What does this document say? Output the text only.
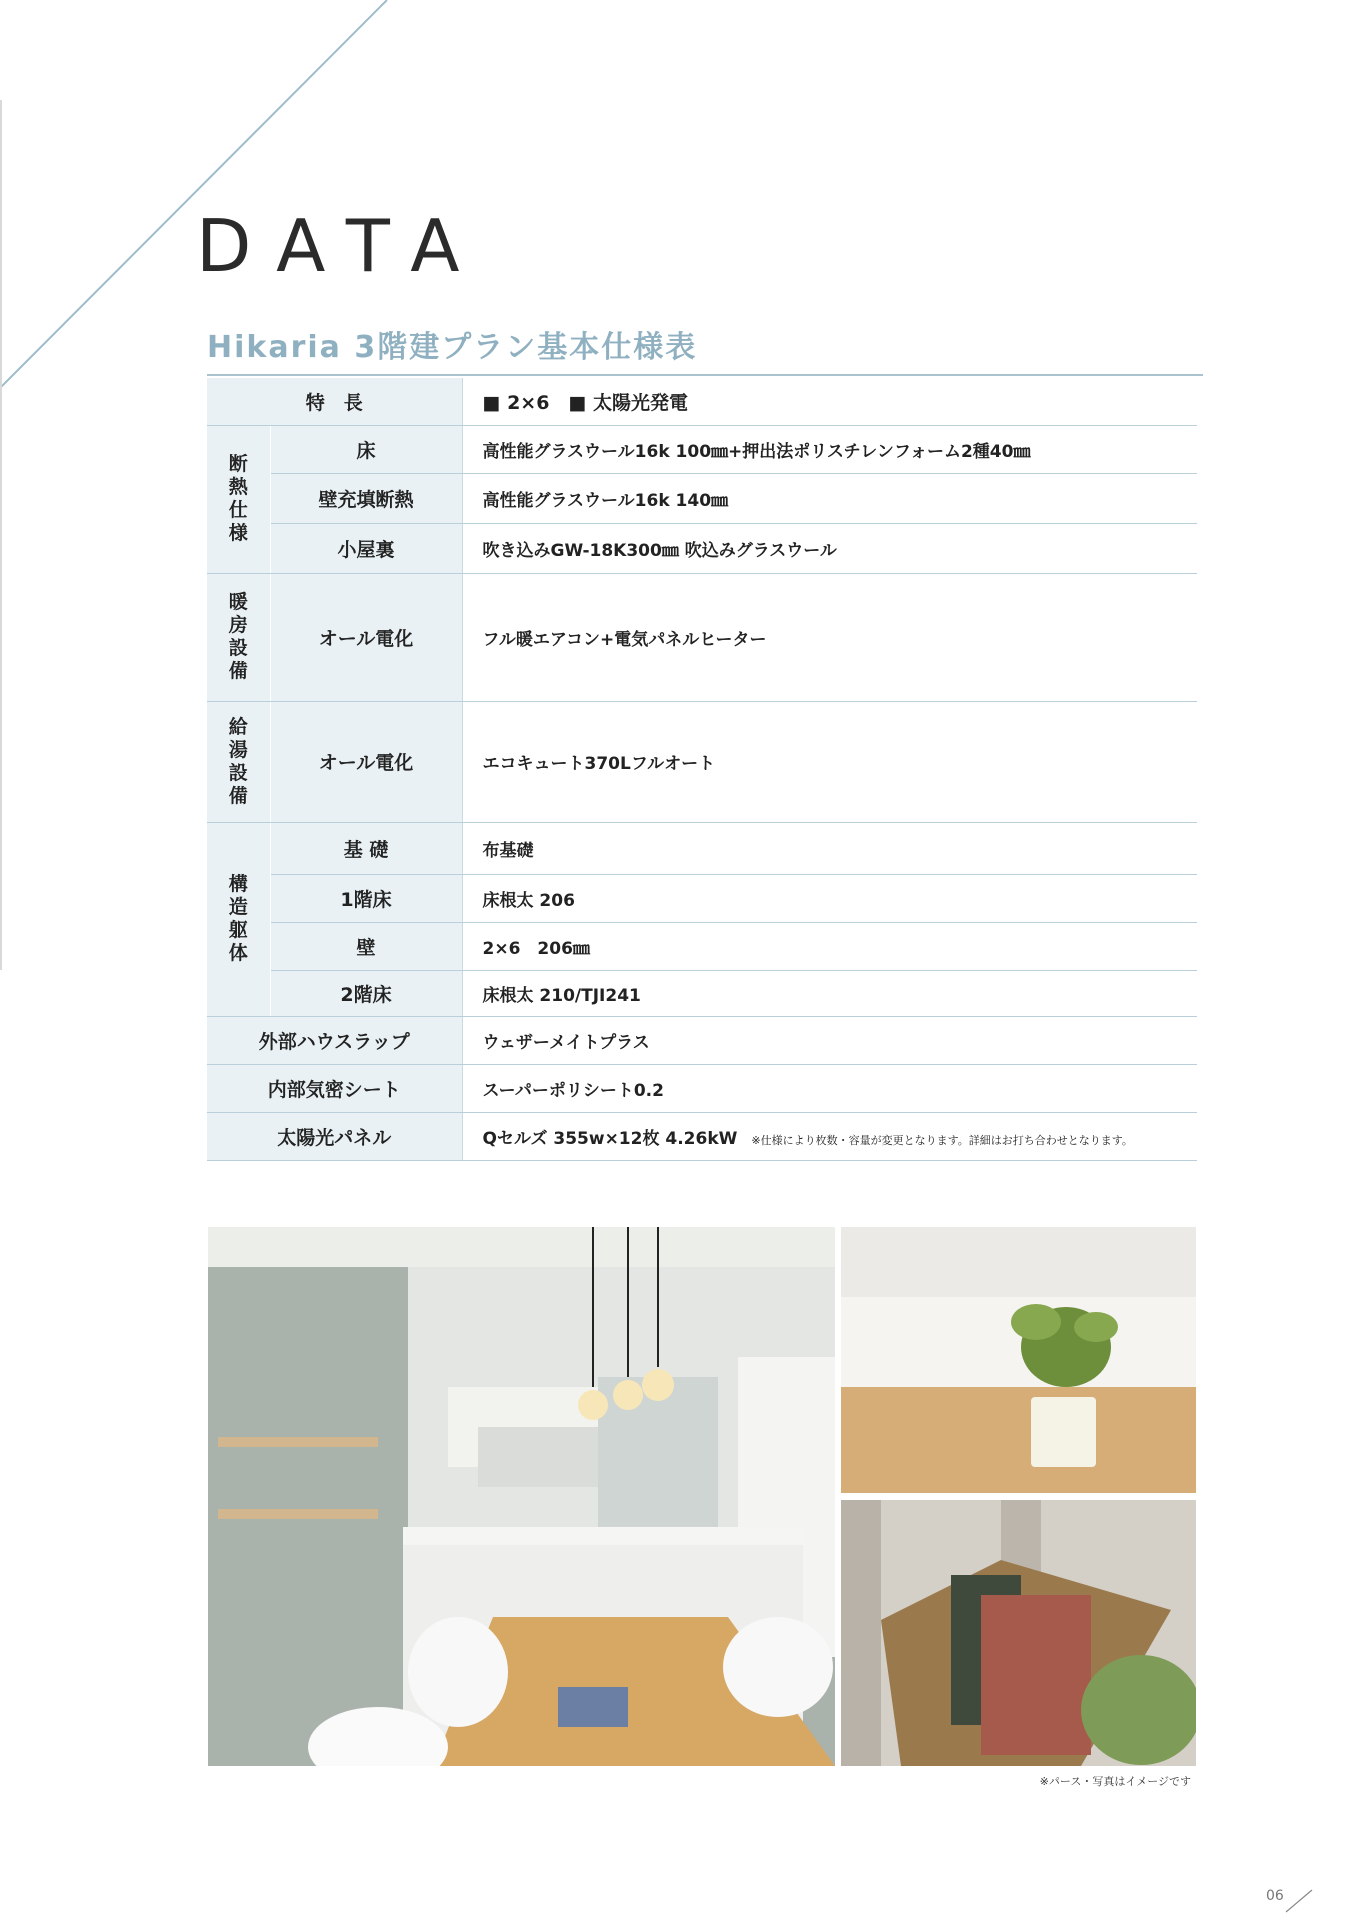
DATA
Hikaria 3階建プラン基本仕様表
特　長		■ 2×6　■ 太陽光発電
断熱仕様	床	高性能グラスウール16k 100㎜+押出法ポリスチレンフォーム2種40㎜
	壁充填断熱	高性能グラスウール16k 140㎜
	小屋裏	吹き込みGW-18K300㎜ 吹込みグラスウール
暖房設備	オール電化	フル暖エアコン+電気パネルヒーター
給湯設備	オール電化	エコキュート370Lフルオート
構造躯体	基 礎	布基礎
	1階床	床根太 206
	壁	2×6　206㎜
	2階床	床根太 210/TJI241
外部ハウスラップ		ウェザーメイトプラス
内部気密シート		スーパーポリシート0.2
太陽光パネル		Qセルズ 355w×12枚 4.26kW ※仕様により枚数・容量が変更となります。詳細はお打ち合わせとなります。
※パース・写真はイメージです
06
